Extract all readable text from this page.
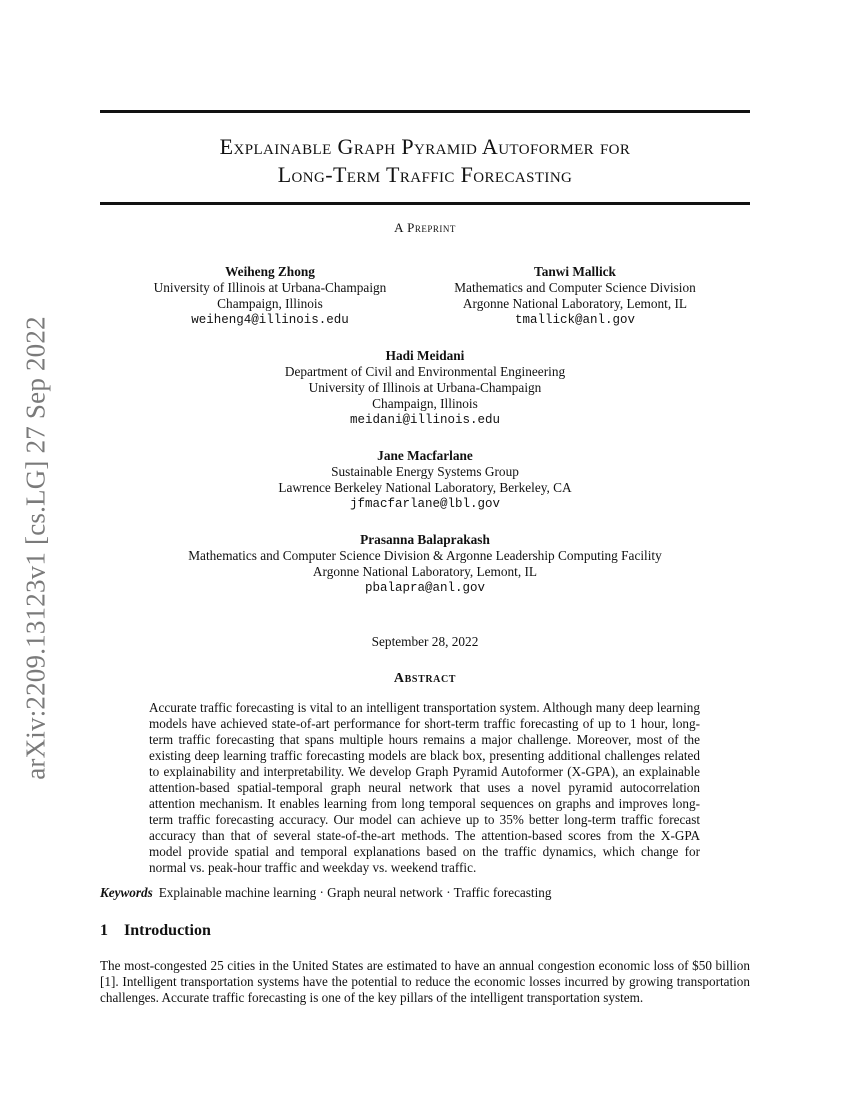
arXiv:2209.13123v1 [cs.LG] 27 Sep 2022
Explainable Graph Pyramid Autoformer for
Long-Term Traffic Forecasting
A Preprint
Weiheng Zhong
University of Illinois at Urbana-Champaign
Champaign, Illinois
weiheng4@illinois.edu
Tanwi Mallick
Mathematics and Computer Science Division
Argonne National Laboratory, Lemont, IL
tmallick@anl.gov
Hadi Meidani
Department of Civil and Environmental Engineering
University of Illinois at Urbana-Champaign
Champaign, Illinois
meidani@illinois.edu
Jane Macfarlane
Sustainable Energy Systems Group
Lawrence Berkeley National Laboratory, Berkeley, CA
jfmacfarlane@lbl.gov
Prasanna Balaprakash
Mathematics and Computer Science Division & Argonne Leadership Computing Facility
Argonne National Laboratory, Lemont, IL
pbalapra@anl.gov
September 28, 2022
Abstract
Accurate traffic forecasting is vital to an intelligent transportation system. Although many deep learning models have achieved state-of-art performance for short-term traffic forecasting of up to 1 hour, long-term traffic forecasting that spans multiple hours remains a major challenge. Moreover, most of the existing deep learning traffic forecasting models are black box, presenting additional challenges related to explainability and interpretability. We develop Graph Pyramid Autoformer (X-GPA), an explainable attention-based spatial-temporal graph neural network that uses a novel pyramid autocorrelation attention mechanism. It enables learning from long temporal sequences on graphs and improves long-term traffic forecasting accuracy. Our model can achieve up to 35% better long-term traffic forecast accuracy than that of several state-of-the-art methods. The attention-based scores from the X-GPA model provide spatial and temporal explanations based on the traffic dynamics, which change for normal vs. peak-hour traffic and weekday vs. weekend traffic.
Keywords Explainable machine learning · Graph neural network · Traffic forecasting
1 Introduction
The most-congested 25 cities in the United States are estimated to have an annual congestion economic loss of $50 billion [1]. Intelligent transportation systems have the potential to reduce the economic losses incurred by growing transportation challenges. Accurate traffic forecasting is one of the key pillars of the intelligent transportation system.
